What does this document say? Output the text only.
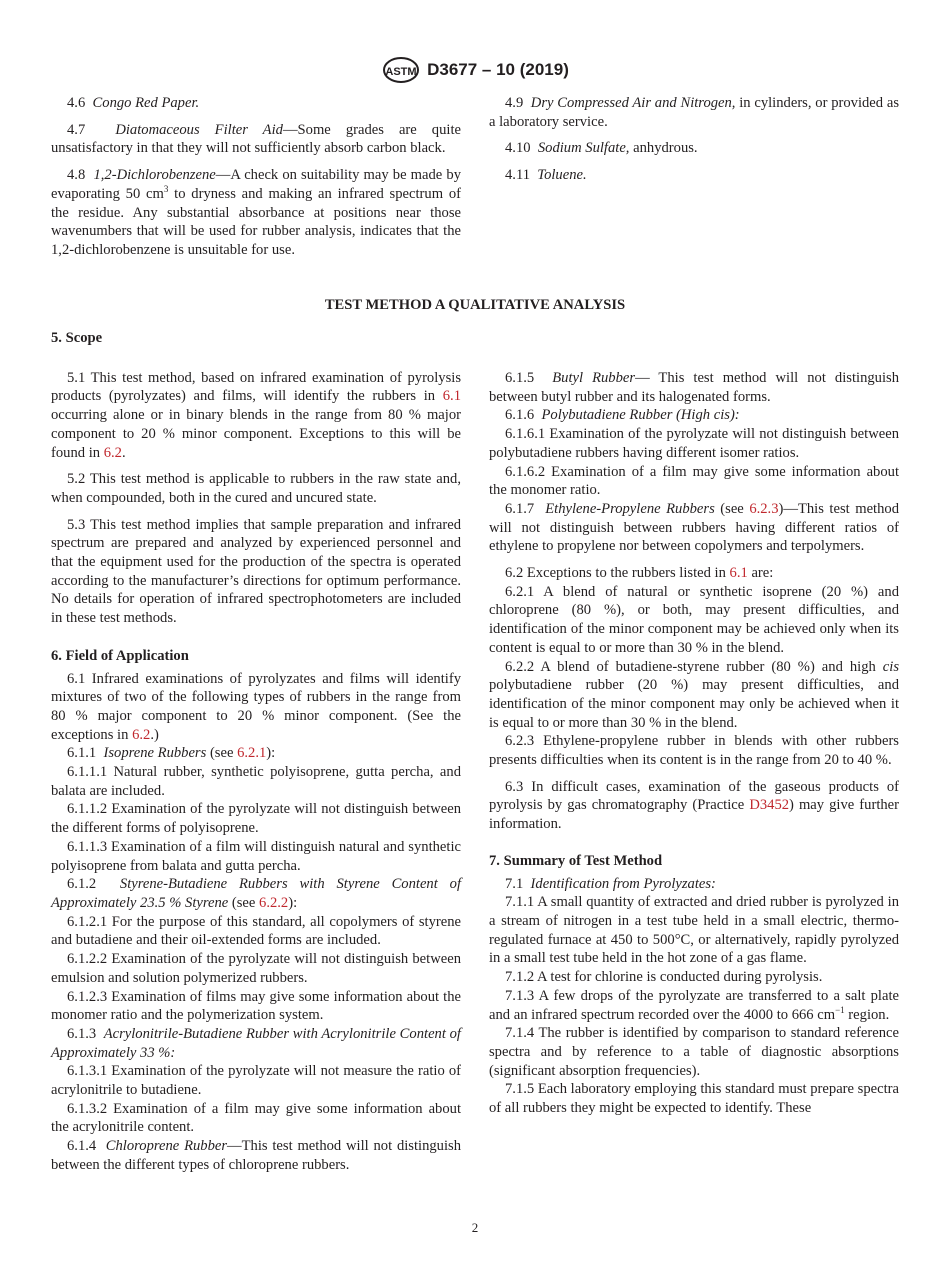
ASTM D3677 – 10 (2019)

4.6 Congo Red Paper.

4.7 Diatomaceous Filter Aid—Some grades are quite unsatisfactory in that they will not sufficiently absorb carbon black.

4.8 1,2-Dichlorobenzene—A check on suitability may be made by evaporating 50 $cm^3$ to dryness and making an infrared spectrum of the residue. Any substantial absorbance at positions near those wavenumbers that will be used for rubber analysis, indicates that the 1,2-dichlorobenzene is unsuitable for use.

4.9 Dry Compressed Air and Nitrogen, in cylinders, or provided as a laboratory service.

4.10 Sodium Sulfate, anhydrous.

4.11 Toluene.

TEST METHOD A QUALITATIVE ANALYSIS
5. Scope

5.1 This test method, based on infrared examination of pyrolysis products (pyrolyzates) and films, will identify the rubbers in 6.1 occurring alone or in binary blends in the range from 80 % major component to 20 % minor component. Exceptions to this will be found in 6.2.

5.2 This test method is applicable to rubbers in the raw state and, when compounded, both in the cured and uncured state.

5.3 This test method implies that sample preparation and infrared spectrum are prepared and analyzed by experienced personnel and that the equipment used for the production of the spectra is operated according to the manufacturer’s directions for optimum performance. No details for operation of infrared spectrophotometers are included in these test methods.

6. Field of Application

6.1 Infrared examinations of pyrolyzates and films will identify mixtures of two of the following types of rubbers in the range from 80 % major component to 20 % minor component. (See the exceptions in 6.2.)

6.1.1 Isoprene Rubbers (see 6.2.1):

6.1.1.1 Natural rubber, synthetic polyisoprene, gutta percha, and balata are included.

6.1.1.2 Examination of the pyrolyzate will not distinguish between the different forms of polyisoprene.

6.1.1.3 Examination of a film will distinguish natural and synthetic polyisoprene from balata and gutta percha.

6.1.2 Styrene-Butadiene Rubbers with Styrene Content of Approximately 23.5 % Styrene (see 6.2.2):

6.1.2.1 For the purpose of this standard, all copolymers of styrene and butadiene and their oil-extended forms are included.

6.1.2.2 Examination of the pyrolyzate will not distinguish between emulsion and solution polymerized rubbers.

6.1.2.3 Examination of films may give some information about the monomer ratio and the polymerization system.

6.1.3 Acrylonitrile-Butadiene Rubber with Acrylonitrile Content of Approximately 33 %:

6.1.3.1 Examination of the pyrolyzate will not measure the ratio of acrylonitrile to butadiene.

6.1.3.2 Examination of a film may give some information about the acrylonitrile content.

6.1.4 Chloroprene Rubber—This test method will not distinguish between the different types of chloroprene rubbers.

6.1.5 Butyl Rubber— This test method will not distinguish between butyl rubber and its halogenated forms.

6.1.6 Polybutadiene Rubber (High cis):

6.1.6.1 Examination of the pyrolyzate will not distinguish between polybutadiene rubbers having different isomer ratios.

6.1.6.2 Examination of a film may give some information about the monomer ratio.

6.1.7 Ethylene-Propylene Rubbers (see 6.2.3)—This test method will not distinguish between rubbers having different ratios of ethylene to propylene nor between copolymers and terpolymers.

6.2 Exceptions to the rubbers listed in 6.1 are:

6.2.1 A blend of natural or synthetic isoprene (20 %) and chloroprene (80 %), or both, may present difficulties, and identification of the minor component may be achieved only when its content is equal to or more than 30 % in the blend.

6.2.2 A blend of butadiene-styrene rubber (80 %) and high cis polybutadiene rubber (20 %) may present difficulties, and identification of the minor component may only be achieved when it is equal to or more than 30 % in the blend.

6.2.3 Ethylene-propylene rubber in blends with other rubbers presents difficulties when its content is in the range from 20 to 40 %.

6.3 In difficult cases, examination of the gaseous products of pyrolysis by gas chromatography (Practice D3452) may give further information.

7. Summary of Test Method

7.1 Identification from Pyrolyzates:

7.1.1 A small quantity of extracted and dried rubber is pyrolyzed in a stream of nitrogen in a test tube held in a small electric, thermo-regulated furnace at 450 to 500°C, or alternatively, rapidly pyrolyzed in a small test tube held in the hot zone of a gas flame.

7.1.2 A test for chlorine is conducted during pyrolysis.

7.1.3 A few drops of the pyrolyzate are transferred to a salt plate and an infrared spectrum recorded over the 4000 to 666 $cm^{-1}$ region.

7.1.4 The rubber is identified by comparison to standard reference spectra and by reference to a table of diagnostic absorptions (significant absorption frequencies).

7.1.5 Each laboratory employing this standard must prepare spectra of all rubbers they might be expected to identify. These

2
